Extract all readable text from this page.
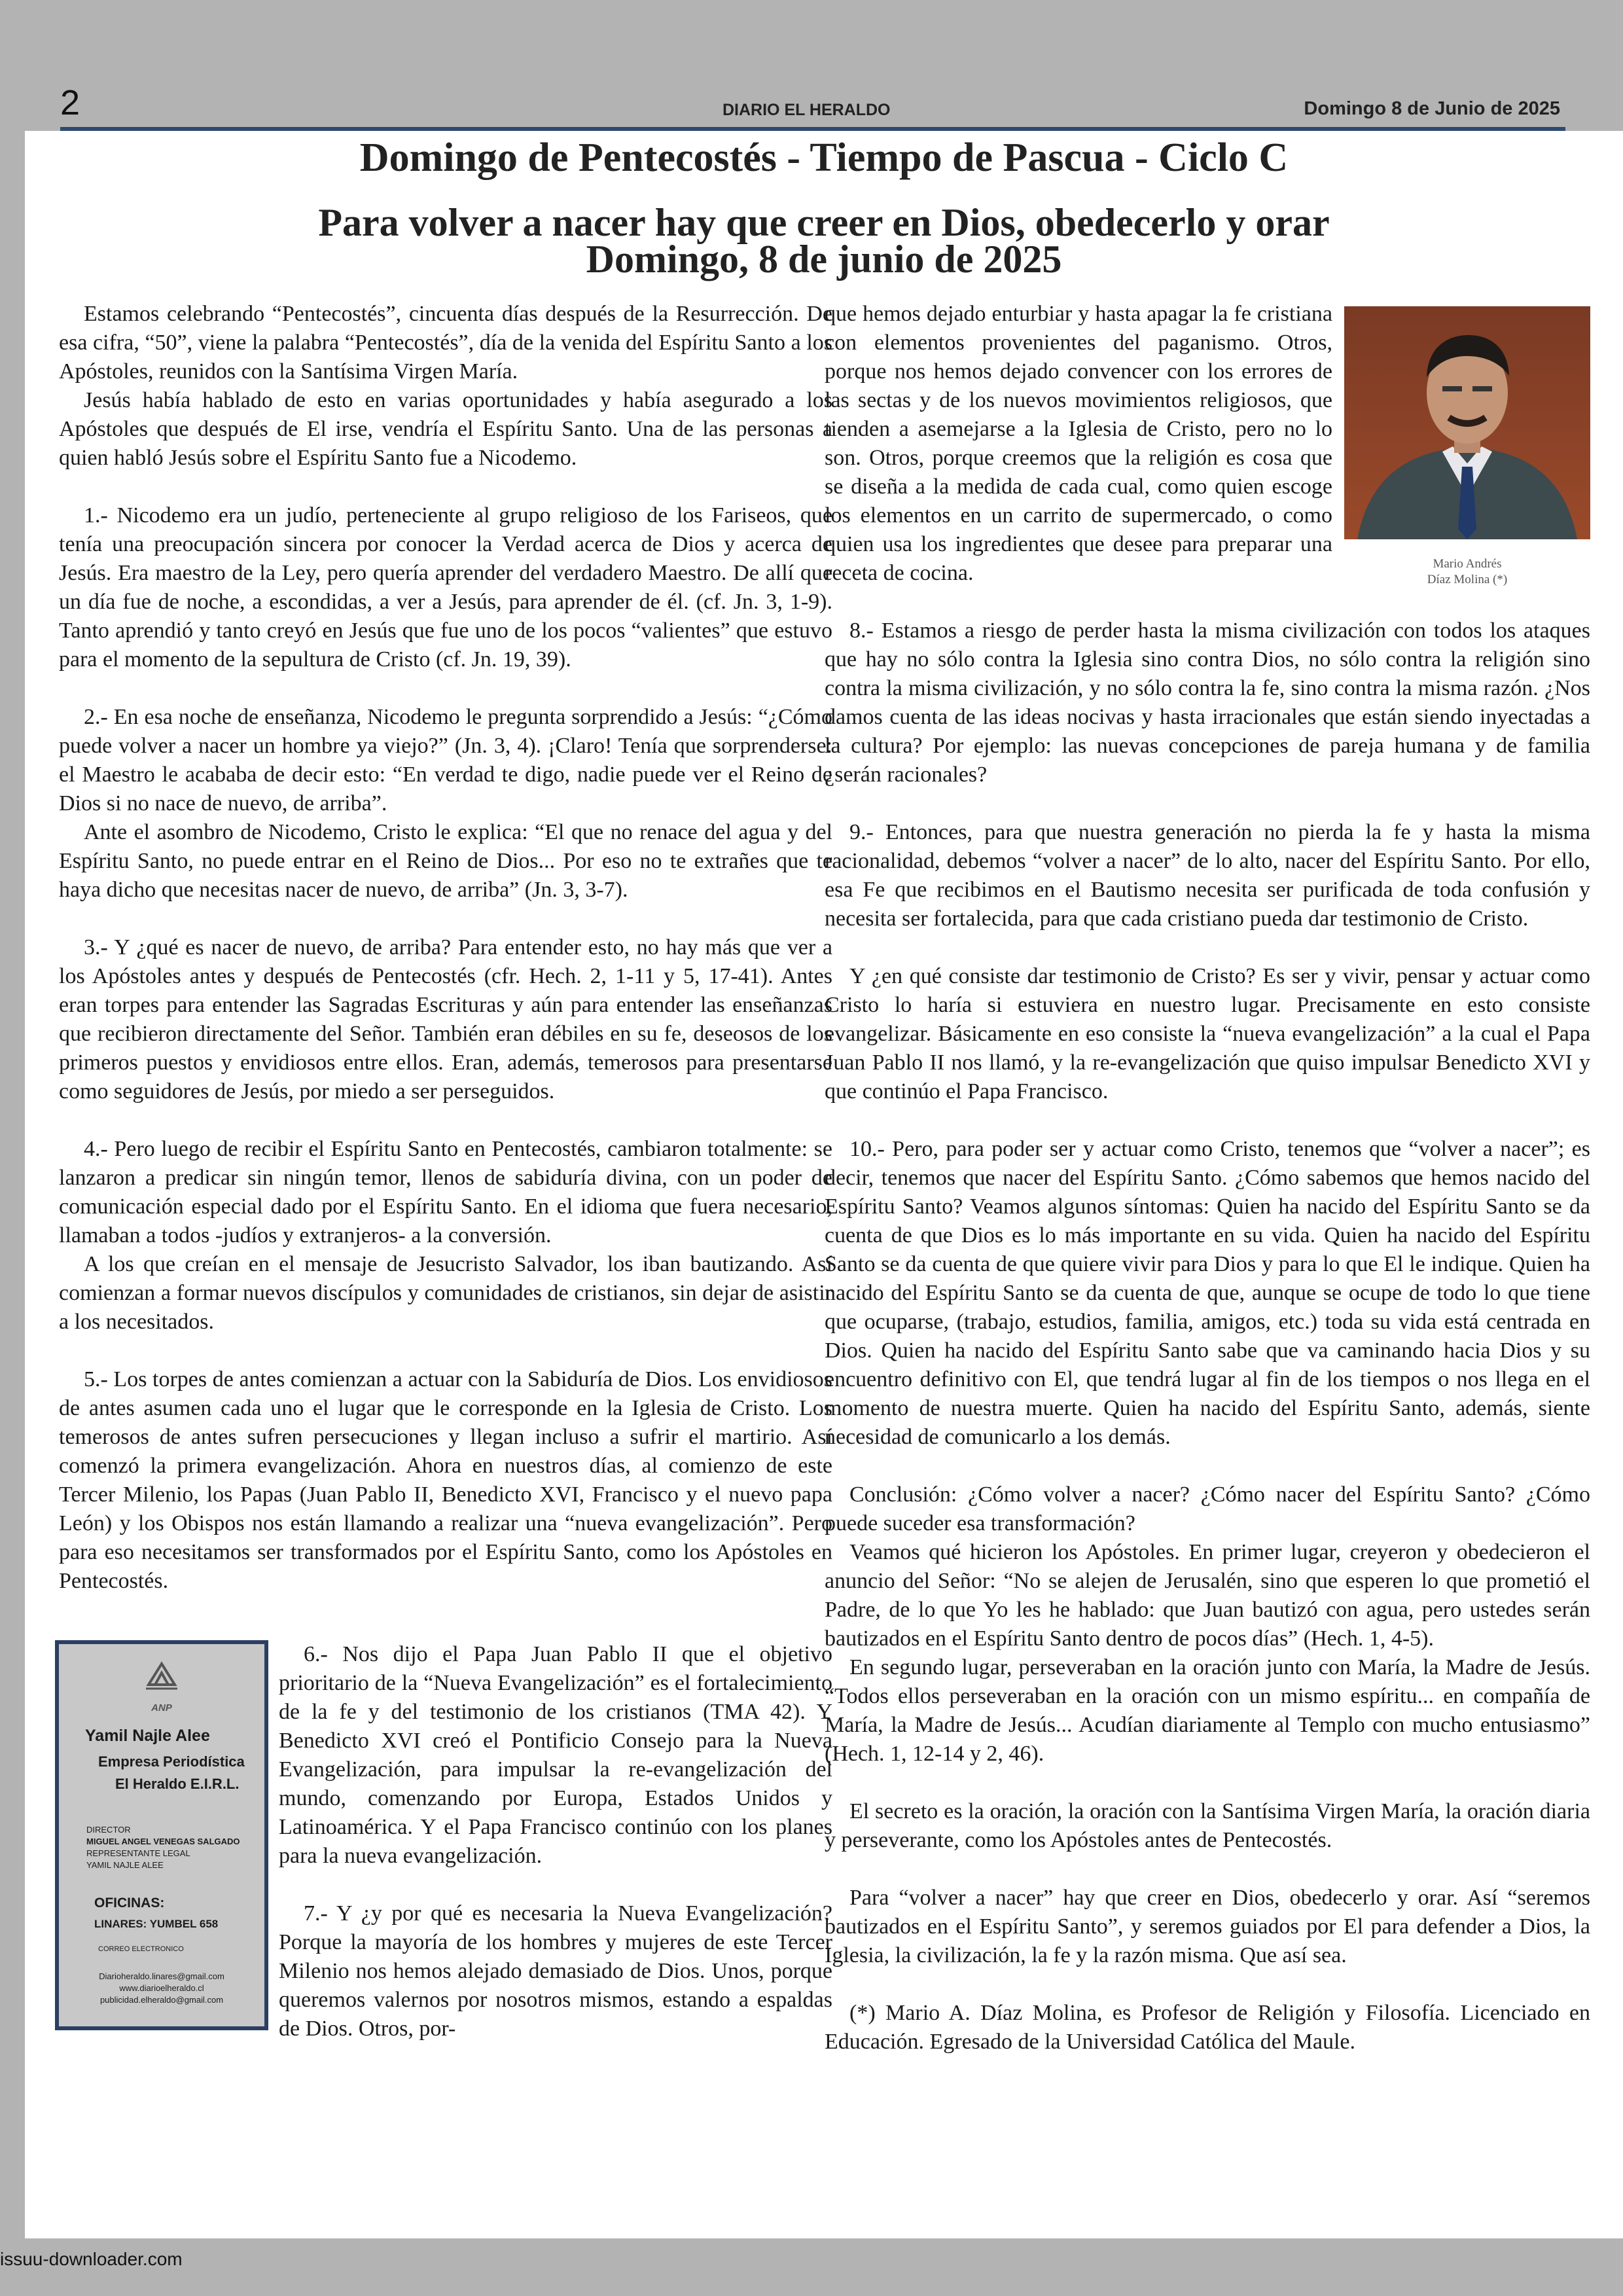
2	DIARIO EL HERALDO	Domingo 8 de Junio de 2025
Domingo de Pentecostés - Tiempo de Pascua - Ciclo C
Para volver a nacer hay que creer en Dios, obedecerlo y orar
Domingo, 8 de junio de 2025

Estamos celebrando “Pentecostés”, cincuenta días después de la Resurrección. De esa cifra, “50”, viene la palabra “Pentecostés”, día de la venida del Espíritu Santo a los Apóstoles, reunidos con la Santísima Virgen María.

Jesús había hablado de esto en varias oportunidades y había asegurado a los Apóstoles que después de El irse, vendría el Espíritu Santo. Una de las personas a quien habló Jesús sobre el Espíritu Santo fue a Nicodemo.

1.- Nicodemo era un judío, perteneciente al grupo religioso de los Fariseos, que tenía una preocupación sincera por conocer la Verdad acerca de Dios y acerca de Jesús. Era maestro de la Ley, pero quería aprender del verdadero Maestro. De allí que un día fue de noche, a escondidas, a ver a Jesús, para aprender de él. (cf. Jn. 3, 1-9). Tanto aprendió y tanto creyó en Jesús que fue uno de los pocos “valientes” que estuvo para el momento de la sepultura de Cristo (cf. Jn. 19, 39).

2.- En esa noche de enseñanza, Nicodemo le pregunta sorprendido a Jesús: “¿Cómo puede volver a nacer un hombre ya viejo?” (Jn. 3, 4). ¡Claro! Tenía que sorprenderse: el Maestro le acababa de decir esto: “En verdad te digo, nadie puede ver el Reino de Dios si no nace de nuevo, de arriba”.

Ante el asombro de Nicodemo, Cristo le explica: “El que no renace del agua y del Espíritu Santo, no puede entrar en el Reino de Dios... Por eso no te extrañes que te haya dicho que necesitas nacer de nuevo, de arriba” (Jn. 3, 3-7).

3.- Y ¿qué es nacer de nuevo, de arriba? Para entender esto, no hay más que ver a los Apóstoles antes y después de Pentecostés (cfr. Hech. 2, 1-11 y 5, 17-41). Antes eran torpes para entender las Sagradas Escrituras y aún para entender las enseñanzas que recibieron directamente del Señor. También eran débiles en su fe, deseosos de los primeros puestos y envidiosos entre ellos. Eran, además, temerosos para presentarse como seguidores de Jesús, por miedo a ser perseguidos.

4.- Pero luego de recibir el Espíritu Santo en Pentecostés, cambiaron totalmente: se lanzaron a predicar sin ningún temor, llenos de sabiduría divina, con un poder de comunicación especial dado por el Espíritu Santo. En el idioma que fuera necesario, llamaban a todos -judíos y extranjeros- a la conversión.

A los que creían en el mensaje de Jesucristo Salvador, los iban bautizando. Así comienzan a formar nuevos discípulos y comunidades de cristianos, sin dejar de asistir a los necesitados.

5.- Los torpes de antes comienzan a actuar con la Sabiduría de Dios. Los envidiosos de antes asumen cada uno el lugar que le corresponde en la Iglesia de Cristo. Los temerosos de antes sufren persecuciones y llegan incluso a sufrir el martirio. Así comenzó la primera evangelización. Ahora en nuestros días, al comienzo de este Tercer Milenio, los Papas (Juan Pablo II, Benedicto XVI, Francisco y el nuevo papa León) y los Obispos nos están llamando a realizar una “nueva evangelización”. Pero para eso necesitamos ser transformados por el Espíritu Santo, como los Apóstoles en Pentecostés.

ANP
Yamil Najle Alee
Empresa Periodística
El Heraldo E.I.R.L.
DIRECTOR
MIGUEL ANGEL VENEGAS SALGADO
REPRESENTANTE LEGAL
YAMIL NAJLE ALEE
OFICINAS:
LINARES: YUMBEL 658
CORREO ELECTRONICO
Diarioheraldo.linares@gmail.com
www.diarioelheraldo.cl
publicidad.elheraldo@gmail.com

6.- Nos dijo el Papa Juan Pablo II que el objetivo prioritario de la “Nueva Evangelización” es el fortalecimiento de la fe y del testimonio de los cristianos (TMA 42). Y Benedicto XVI creó el Pontificio Consejo para la Nueva Evangelización, para impulsar la re-evangelización del mundo, comenzando por Europa, Estados Unidos y Latinoamérica. Y el Papa Francisco continúo con los planes para la nueva evangelización.

7.- Y ¿y por qué es necesaria la Nueva Evangelización? Porque la mayoría de los hombres y mujeres de este Tercer Milenio nos hemos alejado demasiado de Dios. Unos, porque queremos valernos por nosotros mismos, estando a espaldas de Dios. Otros, por-

Mario Andrés
Díaz Molina (*)

que hemos dejado enturbiar y hasta apagar la fe cristiana con elementos provenientes del paganismo. Otros, porque nos hemos dejado convencer con los errores de las sectas y de los nuevos movimientos religiosos, que tienden a asemejarse a la Iglesia de Cristo, pero no lo son. Otros, porque creemos que la religión es cosa que se diseña a la medida de cada cual, como quien escoge los elementos en un carrito de supermercado, o como quien usa los ingredientes que desee para preparar una receta de cocina.

8.- Estamos a riesgo de perder hasta la misma civilización con todos los ataques que hay no sólo contra la Iglesia sino contra Dios, no sólo contra la religión sino contra la misma civilización, y no sólo contra la fe, sino contra la misma razón. ¿Nos damos cuenta de las ideas nocivas y hasta irracionales que están siendo inyectadas a la cultura? Por ejemplo: las nuevas concepciones de pareja humana y de familia ¿serán racionales?

9.- Entonces, para que nuestra generación no pierda la fe y hasta la misma racionalidad, debemos “volver a nacer” de lo alto, nacer del Espíritu Santo. Por ello, esa Fe que recibimos en el Bautismo necesita ser purificada de toda confusión y necesita ser fortalecida, para que cada cristiano pueda dar testimonio de Cristo.

Y ¿en qué consiste dar testimonio de Cristo? Es ser y vivir, pensar y actuar como Cristo lo haría si estuviera en nuestro lugar. Precisamente en esto consiste evangelizar. Básicamente en eso consiste la “nueva evangelización” a la cual el Papa Juan Pablo II nos llamó, y la re-evangelización que quiso impulsar Benedicto XVI y que continúo el Papa Francisco.

10.- Pero, para poder ser y actuar como Cristo, tenemos que “volver a nacer”; es decir, tenemos que nacer del Espíritu Santo. ¿Cómo sabemos que hemos nacido del Espíritu Santo? Veamos algunos síntomas: Quien ha nacido del Espíritu Santo se da cuenta de que Dios es lo más importante en su vida. Quien ha nacido del Espíritu Santo se da cuenta de que quiere vivir para Dios y para lo que El le indique. Quien ha nacido del Espíritu Santo se da cuenta de que, aunque se ocupe de todo lo que tiene que ocuparse, (trabajo, estudios, familia, amigos, etc.) toda su vida está centrada en Dios. Quien ha nacido del Espíritu Santo sabe que va caminando hacia Dios y su encuentro definitivo con El, que tendrá lugar al fin de los tiempos o nos llega en el momento de nuestra muerte. Quien ha nacido del Espíritu Santo, además, siente necesidad de comunicarlo a los demás.

Conclusión: ¿Cómo volver a nacer? ¿Cómo nacer del Espíritu Santo? ¿Cómo puede suceder esa transformación?

Veamos qué hicieron los Apóstoles. En primer lugar, creyeron y obedecieron el anuncio del Señor: “No se alejen de Jerusalén, sino que esperen lo que prometió el Padre, de lo que Yo les he hablado: que Juan bautizó con agua, pero ustedes serán bautizados en el Espíritu Santo dentro de pocos días” (Hech. 1, 4-5).

En segundo lugar, perseveraban en la oración junto con María, la Madre de Jesús. “Todos ellos perseveraban en la oración con un mismo espíritu... en compañía de María, la Madre de Jesús... Acudían diariamente al Templo con mucho entusiasmo” (Hech. 1, 12-14 y 2, 46).

El secreto es la oración, la oración con la Santísima Virgen María, la oración diaria y perseverante, como los Apóstoles antes de Pentecostés.

Para “volver a nacer” hay que creer en Dios, obedecerlo y orar. Así “seremos bautizados en el Espíritu Santo”, y seremos guiados por El para defender a Dios, la Iglesia, la civilización, la fe y la razón misma. Que así sea.

(*) Mario A. Díaz Molina, es Profesor de Religión y Filosofía. Licenciado en Educación. Egresado de la Universidad Católica del Maule.

issuu-downloader.com
